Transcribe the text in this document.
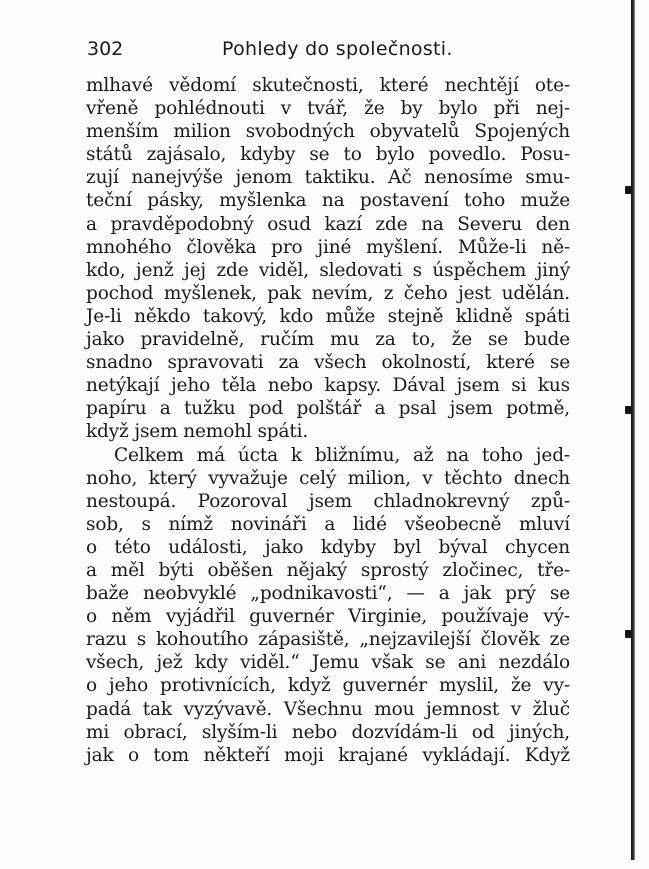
302	Pohledy do společnosti.
mlhavé vědomí skutečnosti, které nechtějí ote-
vřeně pohlédnouti v tvář, že by bylo při nej-
menším milion svobodných obyvatelů Spojených
států zajásalo, kdyby se to bylo povedlo. Posu-
zují nanejvýše jenom taktiku. Ač nenosíme smu-
teční pásky, myšlenka na postavení toho muže
a pravděpodobný osud kazí zde na Severu den
mnohého člověka pro jiné myšlení. Může-li ně-
kdo, jenž jej zde viděl, sledovati s úspěchem jiný
pochod myšlenek, pak nevím, z čeho jest udělán.
Je-li někdo takový, kdo může stejně klidně spáti
jako pravidelně, ručím mu za to, že se bude
snadno spravovati za všech okolností, které se
netýkají jeho těla nebo kapsy. Dával jsem si kus
papíru a tužku pod polštář a psal jsem potmě,
když jsem nemohl spáti.
Celkem má úcta k bližnímu, až na toho jed-
noho, který vyvažuje celý milion, v těchto dnech
nestoupá. Pozoroval jsem chladnokrevný způ-
sob, s nímž novináři a lidé všeobecně mluví
o této události, jako kdyby byl býval chycen
a měl býti oběšen nějaký sprostý zločinec, tře-
baže neobvyklé „podnikavosti“, — a jak prý se
o něm vyjádřil guvernér Virginie, používaje vý-
razu s kohoutího zápasiště, „nejzavilejší člověk ze
všech, jež kdy viděl.“ Jemu však se ani nezdálo
o jeho protivnících, když guvernér myslil, že vy-
padá tak vyzývavě. Všechnu mou jemnost v žluč
mi obrací, slyším-li nebo dozvídám-li od jiných,
jak o tom někteří moji krajané vykládají. Když
